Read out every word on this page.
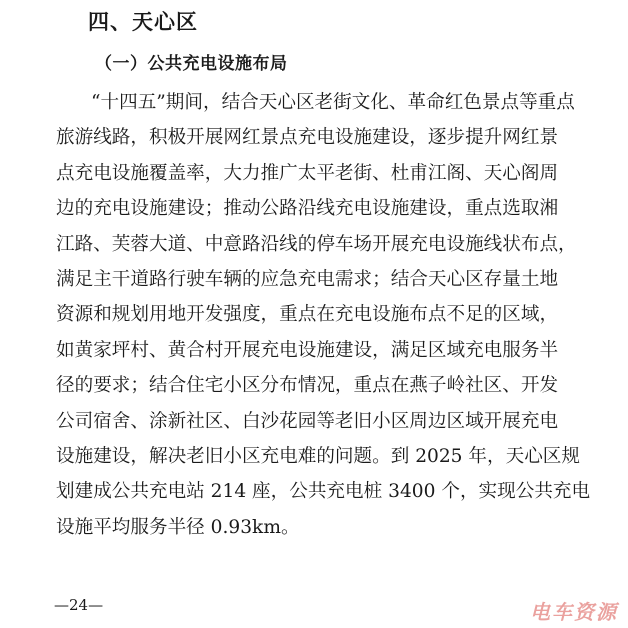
四、天心区
（一）公共充电设施布局
“十四五”期间，结合天心区老街文化、革命红色景点等重点
旅游线路，积极开展网红景点充电设施建设，逐步提升网红景
点充电设施覆盖率，大力推广太平老街、杜甫江阁、天心阁周
边的充电设施建设；推动公路沿线充电设施建设，重点选取湘
江路、芙蓉大道、中意路沿线的停车场开展充电设施线状布点，
满足主干道路行驶车辆的应急充电需求；结合天心区存量土地
资源和规划用地开发强度，重点在充电设施布点不足的区域，
如黄家坪村、黄合村开展充电设施建设，满足区域充电服务半
径的要求；结合住宅小区分布情况，重点在燕子岭社区、开发
公司宿舍、涂新社区、白沙花园等老旧小区周边区域开展充电
设施建设，解决老旧小区充电难的问题。到 2025 年，天心区规
划建成公共充电站 214 座，公共充电桩 3400 个，实现公共充电
设施平均服务半径 0.93km。
—24—	电车资源
